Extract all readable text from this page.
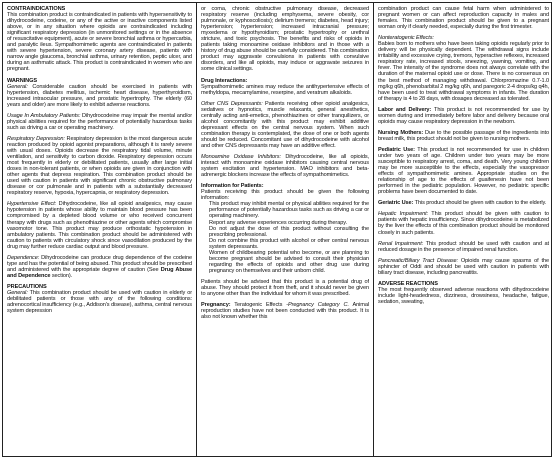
CONTRAINDICATIONS

This combination product is contraindicated in patients with hypersensitivity to dihydrocodeine, codeine, or any of the active or inactive components listed above, or in any situation where opioids are contraindicated including significant respiratory depression (in unmonitored settings or in the absence of resuscitative equipment), acute or severe bronchial asthma or hypercarbia, and paralytic ileus. Sympathomimetic agents are contraindicated in patients with severe hypertension, severe coronary artery disease, patients with narrow angle glaucoma, bronchial asthma, urinary retention, peptic ulcer, and during an asthmatic attack. This product is contraindicated in women who are pregnant.

WARNINGS

General: Considerable caution should be exercised in patients with hypertension, diabetes mellitus, ischemic heart disease, hyperthyroidism, increased intraocular pressure, and prostatic hypertrophy. The elderly (60 years and older) are more likely to exhibit adverse reactions.

Usage In Ambulatory Patients: Dihydrocodeine may impair the mental and/or physical abilities required for the performance of potentially hazardous tasks such as driving a car or operating machinery.

Respiratory Depression: Respiratory depression is the most dangerous acute reaction produced by opioid agonist preparations, although it is rarely severe with usual doses. Opioids decrease the respiratory tidal volume, minute ventilation, and sensitivity to carbon dioxide. Respiratory depression occurs most frequently in elderly or debilitated patients, usually after large initial doses in non-tolerant patients, or when opioids are given in conjunction with other agents that depress respiration. This combination product should be used with caution in patients with significant chronic obstructive pulmonary disease or cor pulmonale and in patients with a substantially decreased respiratory reserve, hypoxia, hypercapnia, or respiratory depression.

Hypertensive Effect: Dihydrocodeine, like all opioid analgesics, may cause hypotension in patients whose ability to maintain blood pressure has been compromised by a depleted blood volume or who received concurrent therapy with drugs such as phenothiazine or other agents which compromise vasomotor tone. This product may produce orthostatic hypotension in ambulatory patients. This combination product should be administered with caution to patients with circulatory shock since vasodilation produced by the drug may further reduce cardiac output and blood pressure.

Dependence: Dihydrocodeine can produce drug dependence of the codeine type and has the potential of being abused. This product should be prescribed and administered with the appropriate degree of caution (See Drug Abuse and Dependence section).

PRECAUTIONS

General: This combination product should be used with caution in elderly or debilitated patients or those with any of the following conditions: adrenocortical insufficiency (e.g., Addison's disease), asthma, central nervous system depression

or coma, chronic obstructive pulmonary disease, decreased respiratory reserve (including emphysema, severe obesity, cor pulmonale, or kyphoscoliosis); delirium tremens; diabetes, head injury; hypertension; hypertension; increased intracranial pressure; myxedema or hypothyroidism; prostatic hypertrophy or urethral stricture, and toxic psychosis. The benefits and risks of opioids in patients taking monoamine oxidase inhibitors and in those with a history of drug abuse should be carefully considered. This combination product may aggravate convulsions in patients with convulsive disorders, and like all opioids, may induce or aggravate seizures in some clinical settings.

Drug Interactions:

Sympathomimetic amines may reduce the antihypertensive effects of methyldopa, mecamylamine, reserpine, and veratrum alkaloids.

Other CNS Depressants: Patients receiving other opioid analgesics, sedatives or hypnotics, muscle relaxants, general anesthetics, centrally acting anti-emetics, phenothiazines or other tranquilizers, or alcohol concomitantly with this product may exhibit additive depressant effects on the central nervous system. When such combination therapy is contemplated, the dose of one or both agents should be reduced. Concomitant use of dihydrocodeine with alcohol and other CNS depressants may have an additive effect.

Monoamine Oxidase Inhibitors: Dihydrocodeine, like all opioids, interact with monoamine oxidase inhibitors causing central nervous system excitation and hypertension. MAO inhibitors and beta-adrenergic blockers increase the effects of sympathomimetics.

Information for Patients:

Patients receiving this product should be given the following information:

• This product may inhibit mental or physical abilities required for the performance of potentially hazardous tasks such as driving a car or operating machinery.
• Report any adverse experiences occurring during therapy.
• Do not adjust the dose of this product without consulting the prescribing professional.
• Do not combine this product with alcohol or other central nervous system depressants.
• Women of childbearing potential who become, or are planning to become pregnant should be advised to consult their physician regarding the effects of opioids and other drug use during pregnancy on themselves and their unborn child.

Patients should be advised that this product is a potential drug of abuse. They should protect it from theft, and it should never be given to anyone other than the individual for whom it was prescribed.

Pregnancy: Teratogenic Effects -Pregnancy Category C. Animal reproduction studies have not been conducted with this product. It is also not known whether this

combination product can cause fetal harm when administered to pregnant women or can affect reproduction capacity in males and females. This combination product should be given to a pregnant woman only if clearly needed, especially during the first trimester.

Nonteratogenic Effects:
Babies born to mothers who have been taking opioids regularly prior to delivery will be physically dependent. The withdrawal signs include irritability and excessive crying, tremors, hyperactive reflexes, increased respiratory rate, increased stools, sneezing, yawning, vomiting, and fever. The intensity of the syndrome does not always correlate with the duration of the maternal opioid use or dose. There is no consensus on the best method of managing withdrawal. Chlorpromazine 0.7-1.0 mg/kg q6h, phenobarbital 2 mg/kg q6h, and paregoric 2-4 drops/kg q4h, have been used to treat withdrawal symptoms in infants. The duration of therapy is 4 to 28 days, with dosages decreased as tolerated.

Labor and Delivery: This product is not recommended for use by women during and immediately before labor and delivery because oral opioids may cause respiratory depression in the newborn.

Nursing Mothers: Due to the possible passage of the ingredients into breast milk, this product should not be given to nursing mothers.

Pediatric Use: This product is not recommended for use in children under two years of age. Children under two years may be more susceptible to respiratory arrest, coma, and death. Very young children may be more susceptible to the effects, especially the vasopressor effects of sympathomimetic amines. Appropriate studies on the relationship of age to the effects of guaifenesin have not been performed in the pediatric population. However, no pediatric specific problems have been documented to date.

Geriatric Use: This product should be given with caution to the elderly.

Hepatic Impairment: This product should be given with caution to patients with hepatic insufficiency. Since dihydrocodeine is metabolized by the liver the effects of this combination product should be monitored closely in such patients.

Renal Impairment: This product should be used with caution and at reduced dosage in the presence of impaired renal function.

Pancreatic/Biliary Tract Disease: Opioids may cause spasms of the sphincter of Oddi and should be used with caution in patients with biliary tract disease, including pancreatitis.

ADVERSE REACTIONS

The most frequently observed adverse reactions with dihydrocodeine include light-headedness, dizziness, drowsiness, headache, fatigue, sedation, sweating,
